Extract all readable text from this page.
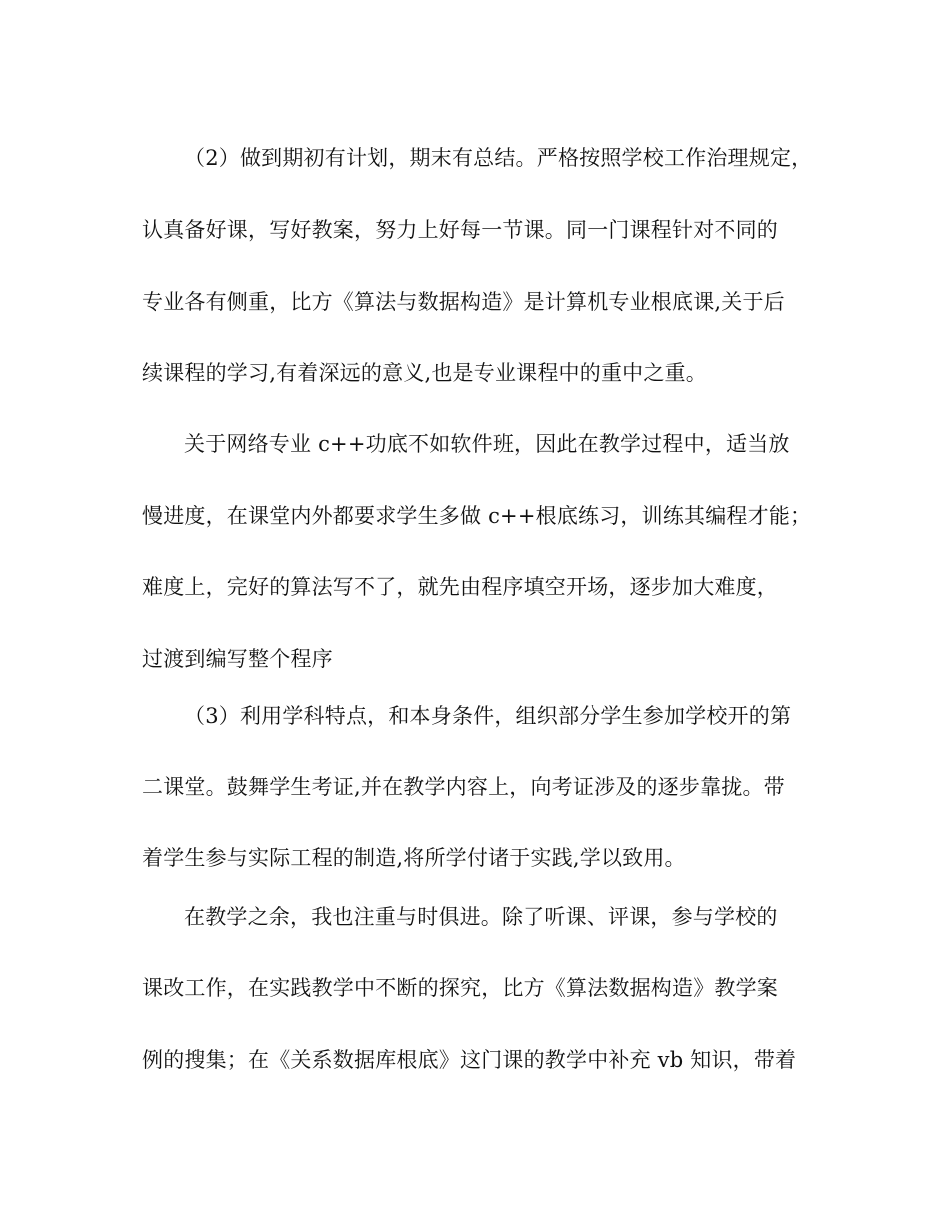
（2）做到期初有计划，期末有总结。严格按照学校工作治理规定，
认真备好课，写好教案，努力上好每一节课。同一门课程针对不同的
专业各有侧重，比方《算法与数据构造》是计算机专业根底课,关于后
续课程的学习,有着深远的意义,也是专业课程中的重中之重。
关于网络专业 c++功底不如软件班，因此在教学过程中，适当放
慢进度，在课堂内外都要求学生多做 c++根底练习，训练其编程才能；
难度上，完好的算法写不了，就先由程序填空开场，逐步加大难度，
过渡到编写整个程序
（3）利用学科特点，和本身条件，组织部分学生参加学校开的第
二课堂。鼓舞学生考证,并在教学内容上，向考证涉及的逐步靠拢。带
着学生参与实际工程的制造,将所学付诸于实践,学以致用。
在教学之余，我也注重与时俱进。除了听课、评课，参与学校的
课改工作，在实践教学中不断的探究，比方《算法数据构造》教学案
例的搜集；在《关系数据库根底》这门课的教学中补充 vb 知识，带着
